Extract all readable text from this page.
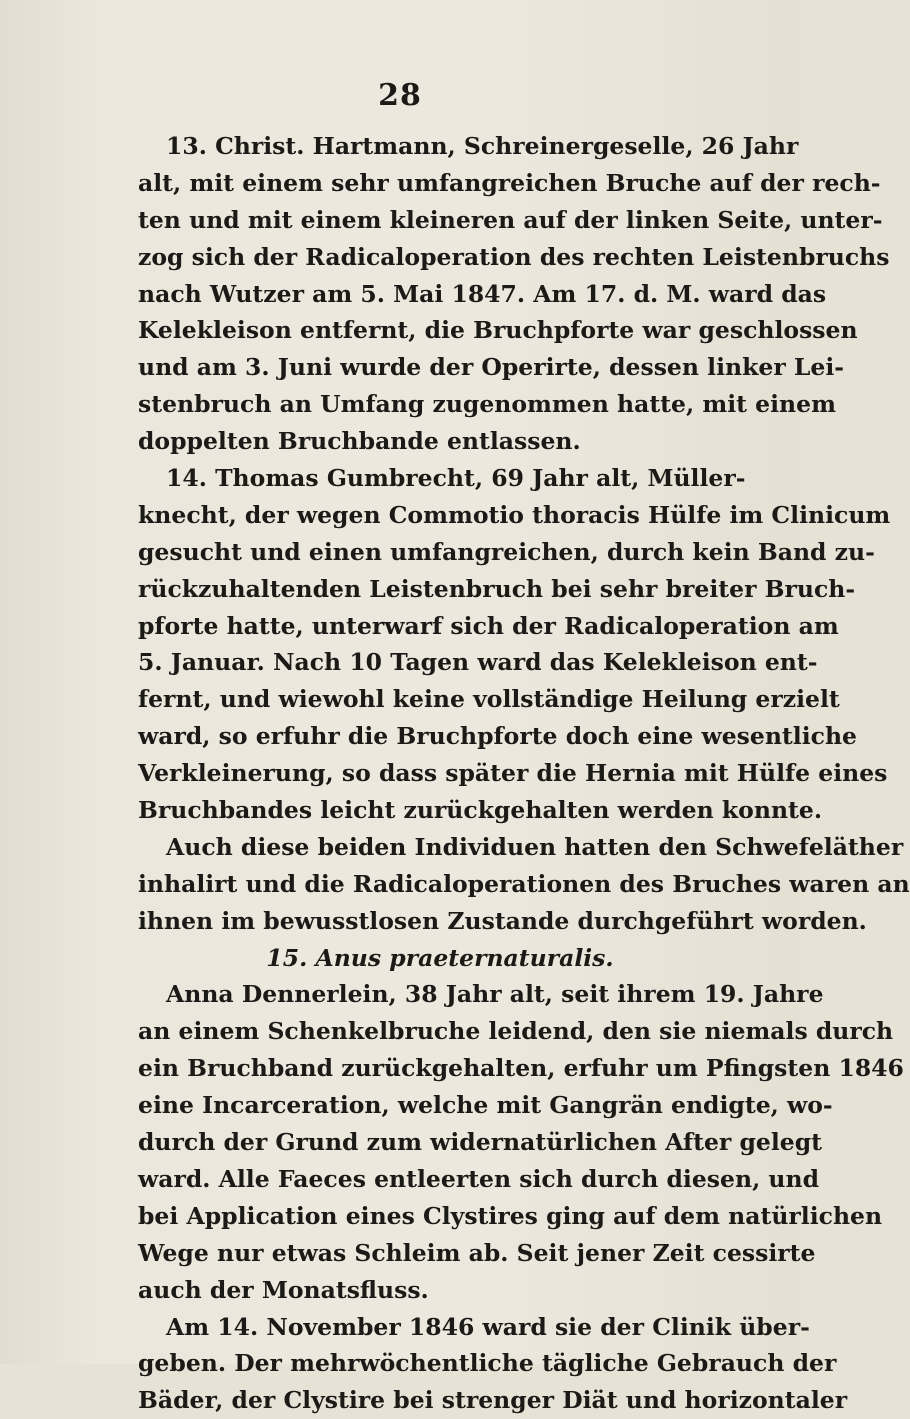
28
13. Christ. Hartmann, Schreinergeselle, 26 Jahr
alt, mit einem sehr umfangreichen Bruche auf der rech-
ten und mit einem kleineren auf der linken Seite, unter-
zog sich der Radicaloperation des rechten Leistenbruchs
nach Wutzer am 5. Mai 1847. Am 17. d. M. ward das
Kelekleison entfernt, die Bruchpforte war geschlossen
und am 3. Juni wurde der Operirte, dessen linker Lei-
stenbruch an Umfang zugenommen hatte, mit einem
doppelten Bruchbande entlassen.
14. Thomas Gumbrecht, 69 Jahr alt, Müller-
knecht, der wegen Commotio thoracis Hülfe im Clinicum
gesucht und einen umfangreichen, durch kein Band zu-
rückzuhaltenden Leistenbruch bei sehr breiter Bruch-
pforte hatte, unterwarf sich der Radicaloperation am
5. Januar. Nach 10 Tagen ward das Kelekleison ent-
fernt, und wiewohl keine vollständige Heilung erzielt
ward, so erfuhr die Bruchpforte doch eine wesentliche
Verkleinerung, so dass später die Hernia mit Hülfe eines
Bruchbandes leicht zurückgehalten werden konnte.
Auch diese beiden Individuen hatten den Schwefeläther
inhalirt und die Radicaloperationen des Bruches waren an
ihnen im bewusstlosen Zustande durchgeführt worden.
15. Anus praeternaturalis.
Anna Dennerlein, 38 Jahr alt, seit ihrem 19. Jahre
an einem Schenkelbruche leidend, den sie niemals durch
ein Bruchband zurückgehalten, erfuhr um Pfingsten 1846
eine Incarceration, welche mit Gangrän endigte, wo-
durch der Grund zum widernatürlichen After gelegt
ward. Alle Faeces entleerten sich durch diesen, und
bei Application eines Clystires ging auf dem natürlichen
Wege nur etwas Schleim ab. Seit jener Zeit cessirte
auch der Monatsfluss.
Am 14. November 1846 ward sie der Clinik über-
geben. Der mehrwöchentliche tägliche Gebrauch der
Bäder, der Clystire bei strenger Diät und horizontaler
